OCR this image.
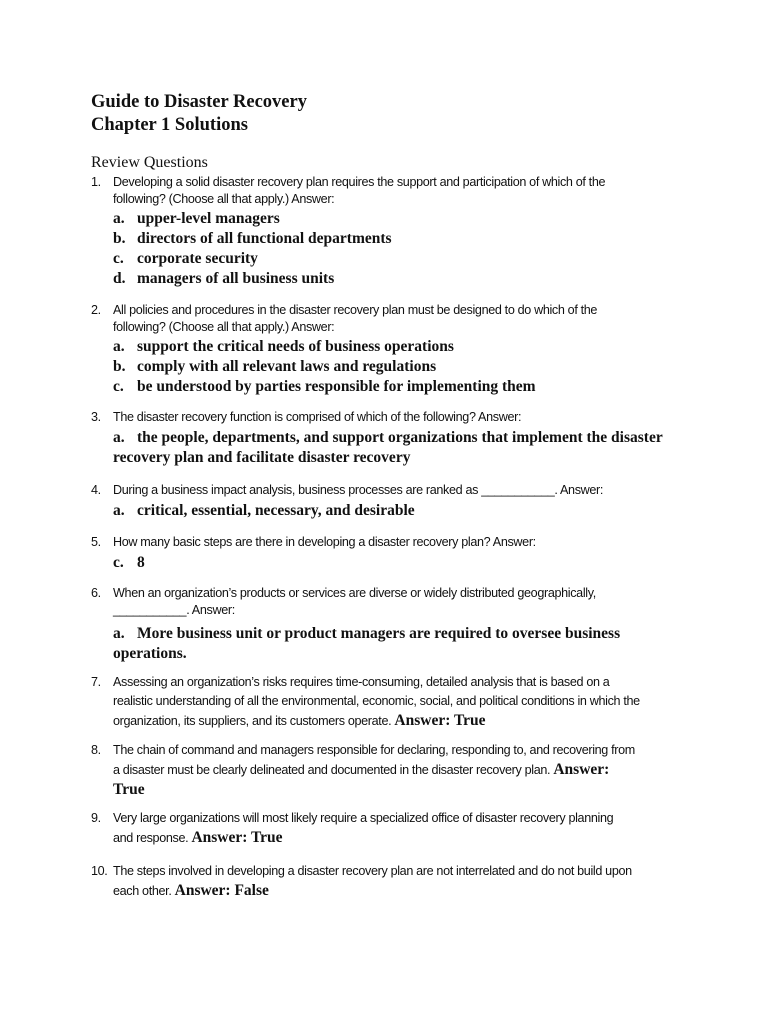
Guide to Disaster Recovery
Chapter 1 Solutions
Review Questions
1. Developing a solid disaster recovery plan requires the support and participation of which of the following? (Choose all that apply.) Answer:
a. upper-level managers
b. directors of all functional departments
c. corporate security
d. managers of all business units
2. All policies and procedures in the disaster recovery plan must be designed to do which of the following? (Choose all that apply.) Answer:
a. support the critical needs of business operations
b. comply with all relevant laws and regulations
c. be understood by parties responsible for implementing them
3. The disaster recovery function is comprised of which of the following? Answer:
a. the people, departments, and support organizations that implement the disaster recovery plan and facilitate disaster recovery
4. During a business impact analysis, business processes are ranked as ___________. Answer:
a. critical, essential, necessary, and desirable
5. How many basic steps are there in developing a disaster recovery plan? Answer:
c. 8
6. When an organization’s products or services are diverse or widely distributed geographically, ___________. Answer:
a. More business unit or product managers are required to oversee business operations.
7. Assessing an organization’s risks requires time-consuming, detailed analysis that is based on a realistic understanding of all the environmental, economic, social, and political conditions in which the organization, its suppliers, and its customers operate. Answer: True
8. The chain of command and managers responsible for declaring, responding to, and recovering from a disaster must be clearly delineated and documented in the disaster recovery plan. Answer: True
9. Very large organizations will most likely require a specialized office of disaster recovery planning and response. Answer: True
10. The steps involved in developing a disaster recovery plan are not interrelated and do not build upon each other. Answer: False
